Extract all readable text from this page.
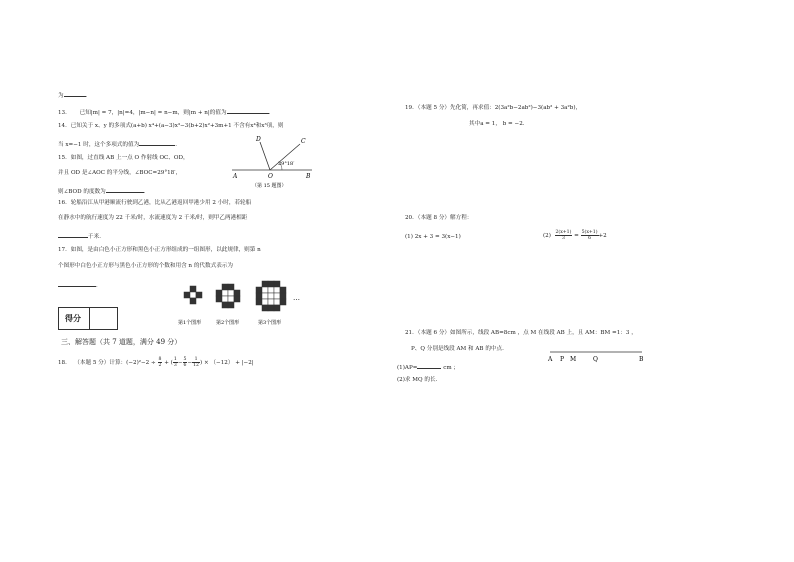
为	．
13． 已知|m| = 7，|n|=4，|m−n| = n−m，则|m + n|的值为	．
14．已知关于 x、y 的多项式(a+b) x⁴+(a−3)x³−3(b+2)x²+3m+1 不含有x⁴和x³项，则
当 x=−1 时，这个多项式的值为	．
15．如图，过直线 AB 上一点 O 作射线 OC、OD，
并且 OD 是∠AOC 的平分线，∠BOC=29°18′，
则∠BOD 的度数为	．
D	C
A	O	B
29°18′
（第 15 题图）
16．轮船沿江从甲港顺流行驶到乙港，比从乙港返回甲港少用 2 小时，若轮船
在静水中的航行速度为 22 千米/时，水流速度为 2 千米/时，则甲乙两港相距
千米．
17．如图，是由白色小正方形和黑色小正方形组成的一组图形，以此规律，则第 n
个图形中白色小正方形与黑色小正方形的个数和用含 n 的代数式表示为
．
第1个图形	第2个图形	第3个图形
…
得分
三、解答题（共 7 道题，满分 49 分）
18． （本题 5 分）计算：$(-2)^2-2 \div \frac{8}{2}$ + ( $\frac{1}{3} - \frac{5}{6} - \frac{1}{12}$ ) × （−12） + |−2|
19．（本题 5 分）先化简，再求值：2(3a²b−2ab²)−3(ab² + 3a²b)，
其中a = 1， b = −2．
20．（本题 8 分）解方程：
(1) 2x + 3 = 3(x−1)	$(2) \frac{2(x+1)}{3} = \frac{5(x+1)}{6} +2$
21．（本题 6 分）如图所示，线段 AB=8cm ，点 M 在线段 AB 上，且 AM：BM =1：3 ，
P、Q 分别是线段 AM 和 AB 的中点.
A P M	Q	B
(1)AP=	cm ；
(2)求 MQ 的长.
